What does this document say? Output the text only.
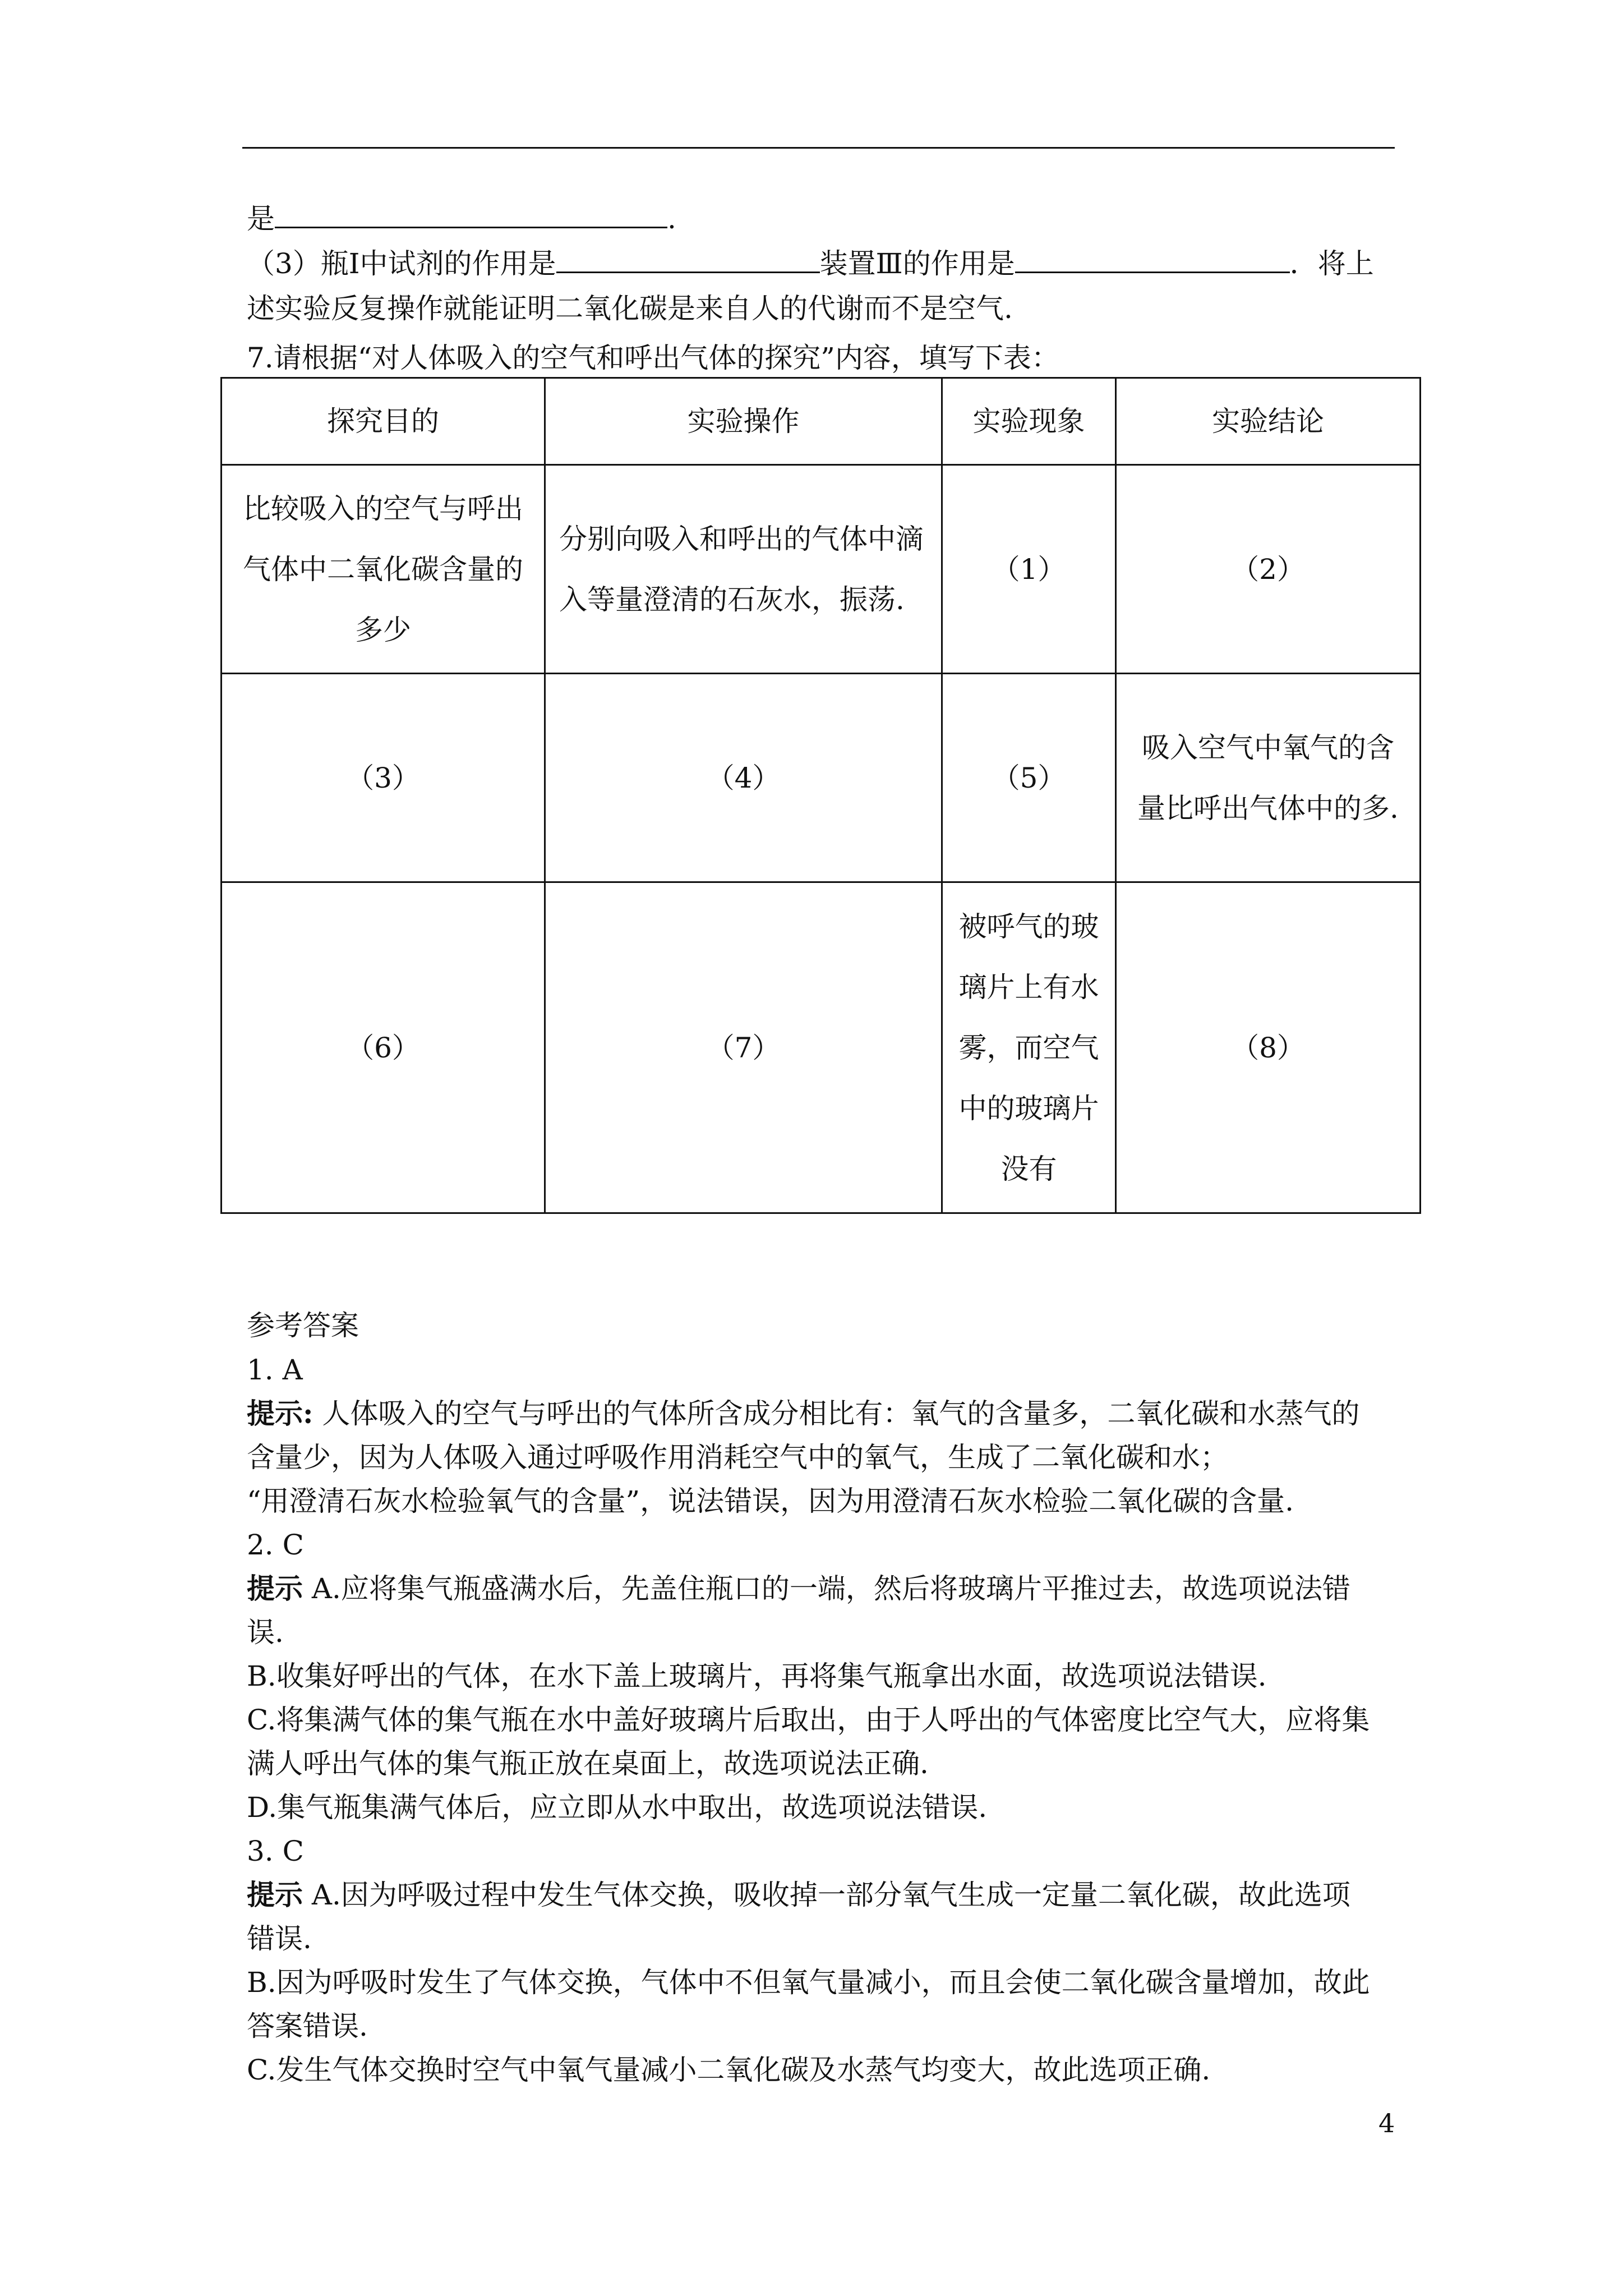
是	.
（3）瓶Ⅰ中试剂的作用是	装置Ⅲ的作用是	．将上
述实验反复操作就能证明二氧化碳是来自人的代谢而不是空气.
7.请根据“对人体吸入的空气和呼出气体的探究”内容，填写下表：
探究目的	实验操作	实验现象	实验结论
比较吸入的空气与呼出气体中二氧化碳含量的多少	分别向吸入和呼出的气体中滴入等量澄清的石灰水，振荡.	（1）	（2）
（3）	（4）	（5）	吸入空气中氧气的含量比呼出气体中的多.
（6）	（7）	被呼气的玻璃片上有水雾，而空气中的玻璃片没有	（8）
参考答案
1. A
提示: 人体吸入的空气与呼出的气体所含成分相比有：氧气的含量多，二氧化碳和水蒸气的
含量少，因为人体吸入通过呼吸作用消耗空气中的氧气，生成了二氧化碳和水；
“用澄清石灰水检验氧气的含量”，说法错误，因为用澄清石灰水检验二氧化碳的含量.
2. C
提示 A.应将集气瓶盛满水后，先盖住瓶口的一端，然后将玻璃片平推过去，故选项说法错
误.
B.收集好呼出的气体，在水下盖上玻璃片，再将集气瓶拿出水面，故选项说法错误.
C.将集满气体的集气瓶在水中盖好玻璃片后取出，由于人呼出的气体密度比空气大，应将集
满人呼出气体的集气瓶正放在桌面上，故选项说法正确.
D.集气瓶集满气体后，应立即从水中取出，故选项说法错误.
3. C
提示 A.因为呼吸过程中发生气体交换，吸收掉一部分氧气生成一定量二氧化碳，故此选项
错误.
B.因为呼吸时发生了气体交换，气体中不但氧气量减小，而且会使二氧化碳含量增加，故此
答案错误.
C.发生气体交换时空气中氧气量减小二氧化碳及水蒸气均变大，故此选项正确.
4
